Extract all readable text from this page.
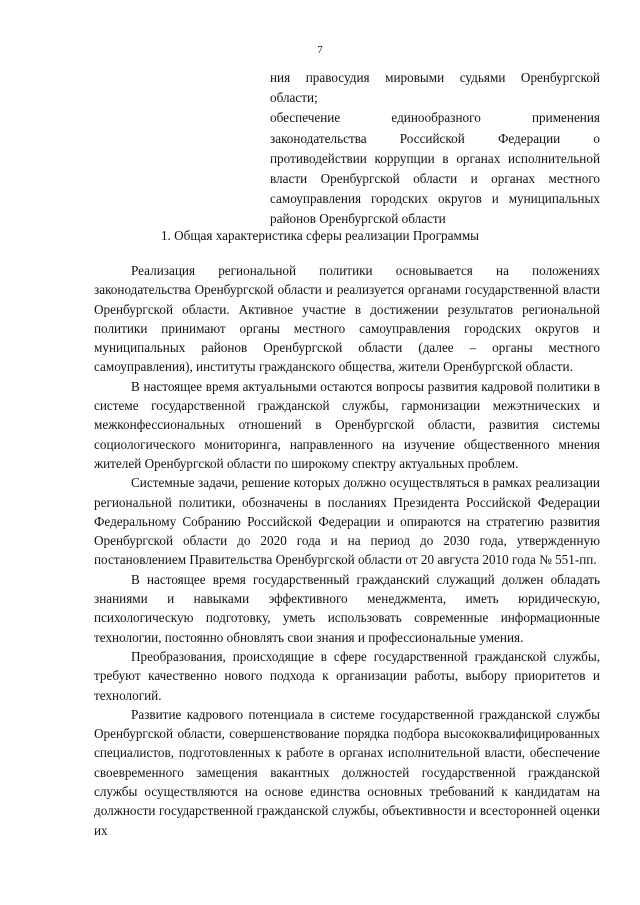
7

ния правосудия мировыми судьями Оренбургской области;

обеспечение единообразного применения законодательства Российской Федерации о противодействии коррупции в органах исполнительной власти Оренбургской области и органах местного самоуправления городских округов и муниципальных районов Оренбургской области

1. Общая характеристика сферы реализации Программы

Реализация региональной политики основывается на положениях законодательства Оренбургской области и реализуется органами государственной власти Оренбургской области. Активное участие в достижении результатов региональной политики принимают органы местного самоуправления городских округов и муниципальных районов Оренбургской области (далее – органы местного самоуправления), институты гражданского общества, жители Оренбургской области.

В настоящее время актуальными остаются вопросы развития кадровой политики в системе государственной гражданской службы, гармонизации межэтнических и межконфессиональных отношений в Оренбургской области, развития системы социологического мониторинга, направленного на изучение общественного мнения жителей Оренбургской области по широкому спектру актуальных проблем.

Системные задачи, решение которых должно осуществляться в рамках реализации региональной политики, обозначены в посланиях Президента Российской Федерации Федеральному Собранию Российской Федерации и опираются на стратегию развития Оренбургской области до 2020 года и на период до 2030 года, утвержденную постановлением Правительства Оренбургской области от 20 августа 2010 года № 551-пп.

В настоящее время государственный гражданский служащий должен обладать знаниями и навыками эффективного менеджмента, иметь юридическую, психологическую подготовку, уметь использовать современные информационные технологии, постоянно обновлять свои знания и профессиональные умения.

Преобразования, происходящие в сфере государственной гражданской службы, требуют качественно нового подхода к организации работы, выбору приоритетов и технологий.

Развитие кадрового потенциала в системе государственной гражданской службы Оренбургской области, совершенствование порядка подбора высококвалифицированных специалистов, подготовленных к работе в органах исполнительной власти, обеспечение своевременного замещения вакантных должностей государственной гражданской службы осуществляются на основе единства основных требований к кандидатам на должности государственной гражданской службы, объективности и всесторонней оценки их
